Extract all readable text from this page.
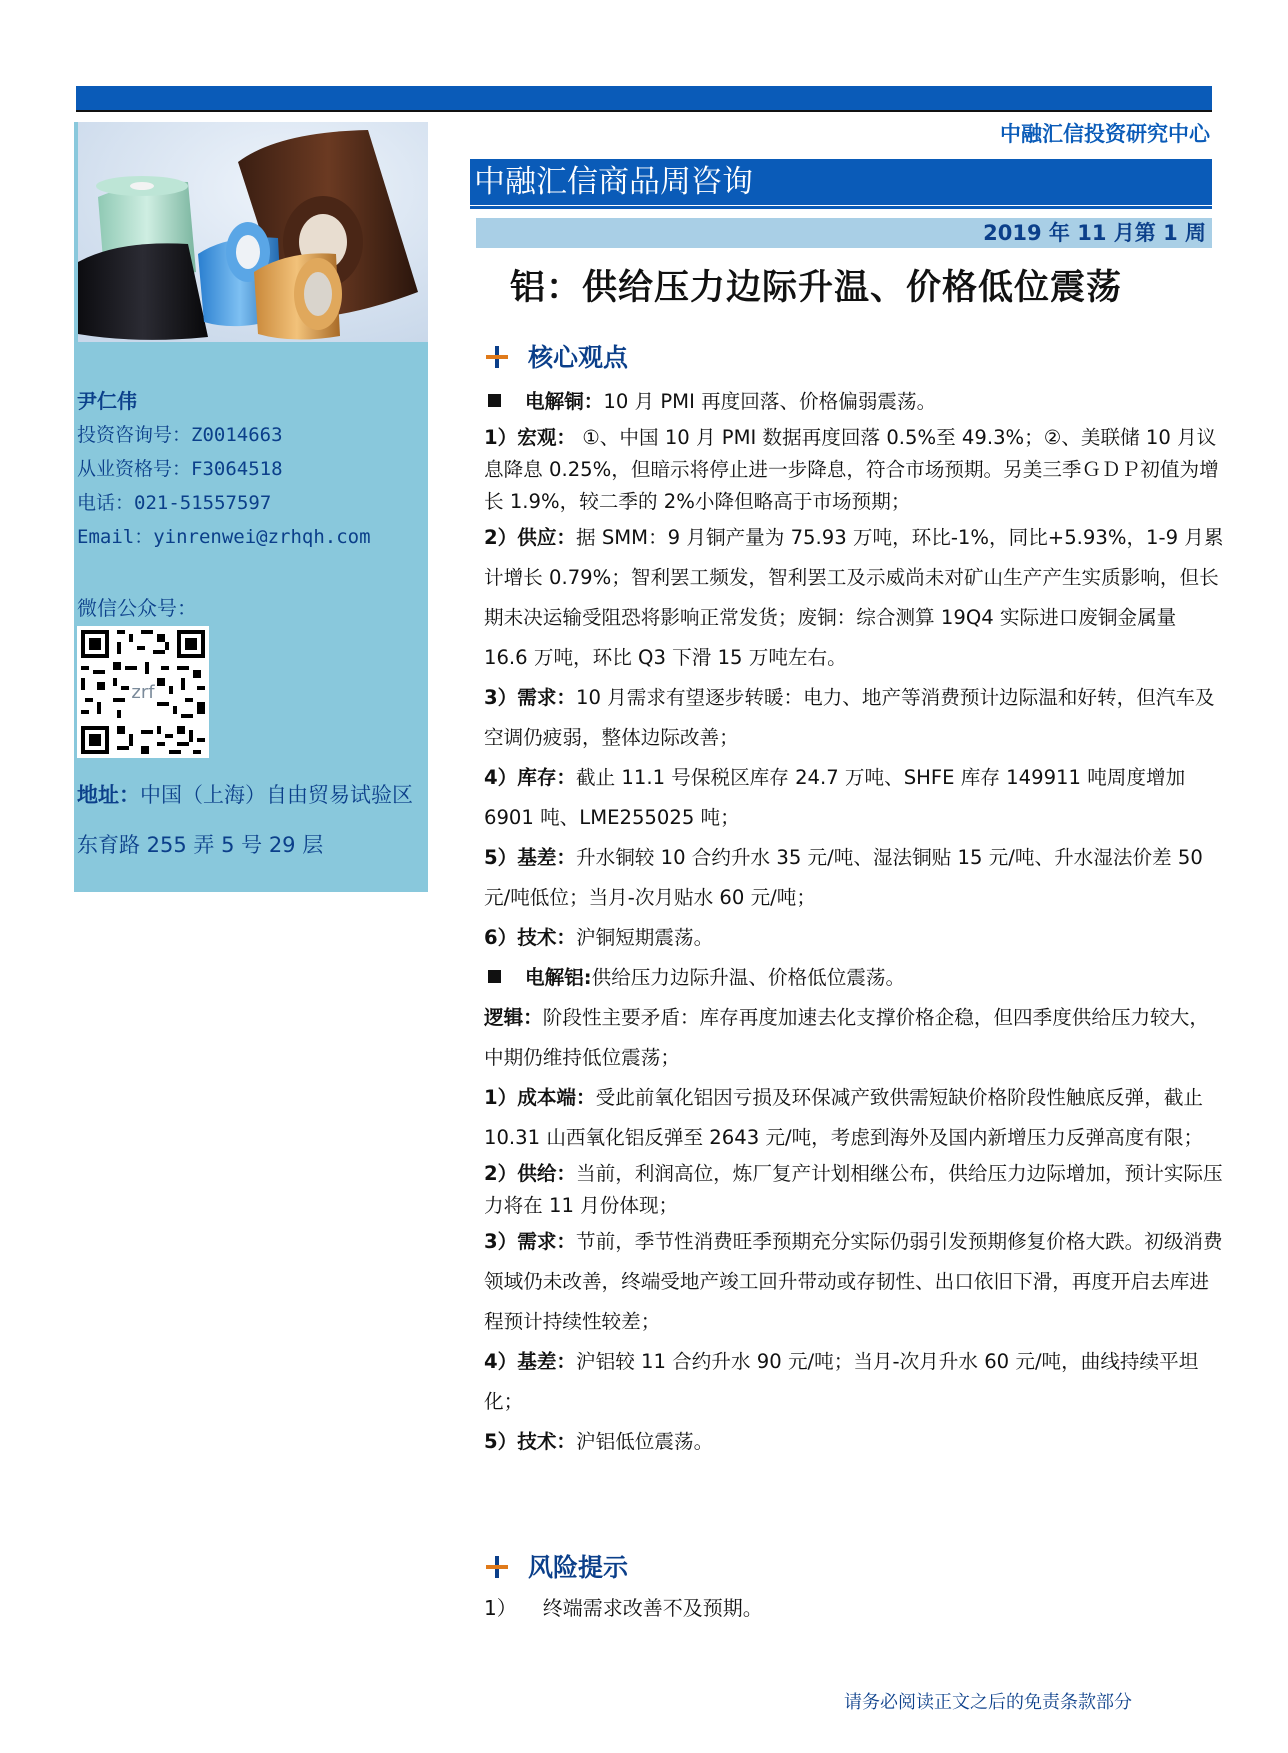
中融汇信投资研究中心
尹仁伟
投资咨询号：Z0014663
从业资格号：F3064518
电话：021-51557597
Email：yinrenwei@zrhqh.com
微信公众号：
zrf
地址：中国（上海）自由贸易试验区东育路 255 弄 5 号 29 层
中融汇信商品周咨询
2019 年 11 月第 1 周
铝：供给压力边际升温、价格低位震荡
核心观点

电解铜：10 月 PMI 再度回落、价格偏弱震荡。

1）宏观： ①、中国 10 月 PMI 数据再度回落 0.5%至 49.3%；②、美联储 10 月议息降息 0.25%，但暗示将停止进一步降息，符合市场预期。另美三季ＧＤＰ初值为增长 1.9%，较二季的 2%小降但略高于市场预期；

2）供应：据 SMM：9 月铜产量为 75.93 万吨，环比-1%，同比+5.93%，1-9 月累计增长 0.79%；智利罢工频发，智利罢工及示威尚未对矿山生产产生实质影响，但长期未决运输受阻恐将影响正常发货；废铜：综合测算 19Q4 实际进口废铜金属量 16.6 万吨，环比 Q3 下滑 15 万吨左右。

3）需求：10 月需求有望逐步转暖：电力、地产等消费预计边际温和好转，但汽车及空调仍疲弱，整体边际改善；

4）库存：截止 11.1 号保税区库存 24.7 万吨、SHFE 库存 149911 吨周度增加 6901 吨、LME255025 吨；

5）基差：升水铜较 10 合约升水 35 元/吨、湿法铜贴 15 元/吨、升水湿法价差 50 元/吨低位；当月-次月贴水 60 元/吨；

6）技术：沪铜短期震荡。

电解铝:供给压力边际升温、价格低位震荡。

逻辑：阶段性主要矛盾：库存再度加速去化支撑价格企稳，但四季度供给压力较大，中期仍维持低位震荡；

1）成本端：受此前氧化铝因亏损及环保减产致供需短缺价格阶段性触底反弹，截止 10.31 山西氧化铝反弹至 2643 元/吨，考虑到海外及国内新增压力反弹高度有限；

2）供给：当前，利润高位，炼厂复产计划相继公布，供给压力边际增加，预计实际压力将在 11 月份体现；

3）需求：节前，季节性消费旺季预期充分实际仍弱引发预期修复价格大跌。初级消费领域仍未改善，终端受地产竣工回升带动或存韧性、出口依旧下滑，再度开启去库进程预计持续性较差；

4）基差：沪铝较 11 合约升水 90 元/吨；当月-次月升水 60 元/吨，曲线持续平坦化；

5）技术：沪铝低位震荡。

风险提示
1） 终端需求改善不及预期。
请务必阅读正文之后的免责条款部分
